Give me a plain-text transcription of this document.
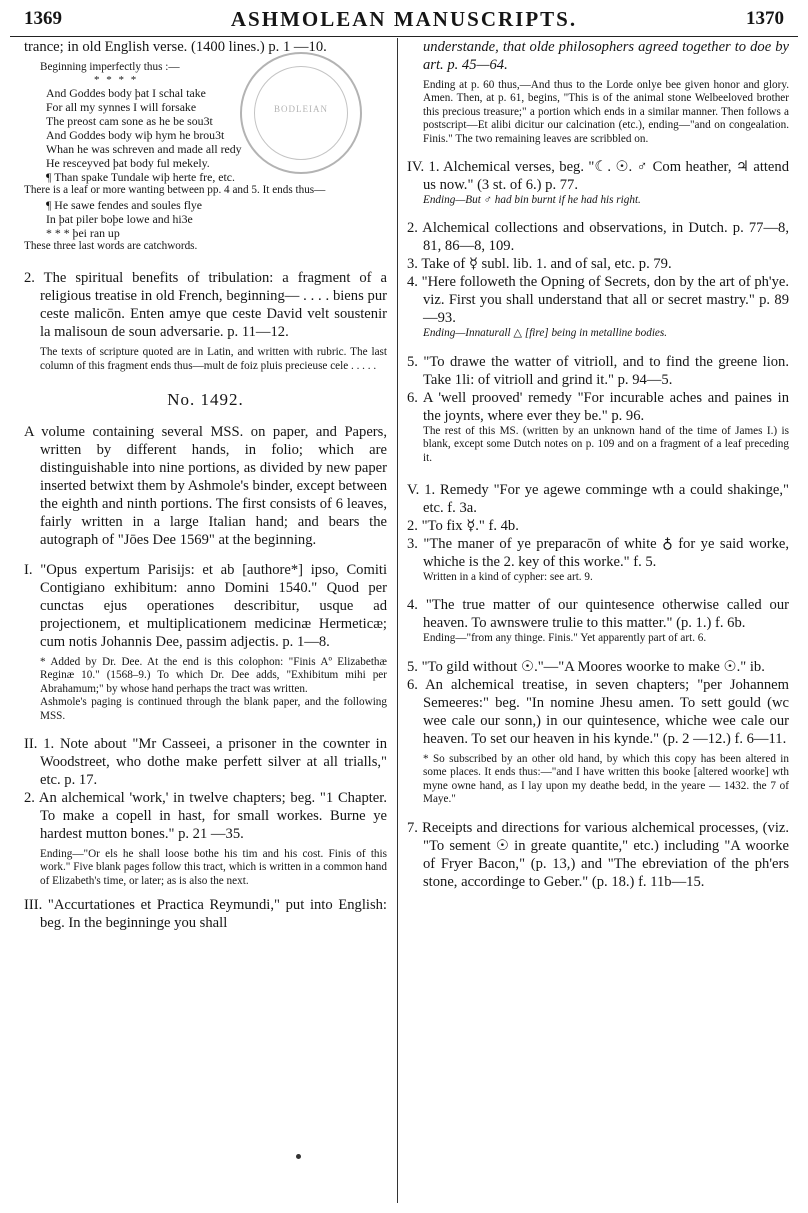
1369	ASHMOLEAN MANUSCRIPTS.	1370
BODLEIAN

trance; in old English verse. (1400 lines.) p. 1 —10.

Beginning imperfectly thus :—

* * * *
And Goddes body þat I schal take
For all my synnes I will forsake
The preost cam sone as he be sou3t
And Goddes body wiþ hym he brou3t
Whan he was schreven and made all redy
He resceyved þat body ful mekely.
¶ Than spake Tundale wiþ herte fre, etc.

There is a leaf or more wanting between pp. 4 and 5. It ends thus—

¶ He sawe fendes and soules flye
In þat piler boþe lowe and hi3e
* * * þei ran up

These three last words are catchwords.

2. The spiritual benefits of tribulation: a fragment of a religious treatise in old French, beginning— . . . . biens pur ceste malicōn. Enten amye que ceste David velt soustenir la malisoun de soun adversarie. p. 11—12.

The texts of scripture quoted are in Latin, and written with rubric. The last column of this fragment ends thus—mult de foiz pluis precieuse cele . . . . .

No. 1492.

A volume containing several MSS. on paper, and Papers, written by different hands, in folio; which are distinguishable into nine portions, as divided by new paper inserted betwixt them by Ashmole's binder, except between the eighth and ninth portions. The first consists of 6 leaves, fairly written in a large Italian hand; and bears the autograph of "Jōes Dee 1569" at the beginning.

I. "Opus expertum Parisijs: et ab [authore*] ipso, Comiti Contigiano exhibitum: anno Domini 1540." Quod per cunctas ejus operationes describitur, usque ad projectionem, et multiplicationem medicinæ Hermeticæ; cum notis Johannis Dee, passim adjectis. p. 1—8.

* Added by Dr. Dee. At the end is this colophon: "Finis Aº Elizabethæ Reginæ 10." (1568–9.) To which Dr. Dee adds, "Exhibitum mihi per Abrahamum;" by whose hand perhaps the tract was written.

Ashmole's paging is continued through the blank paper, and the following MSS.

II. 1. Note about "Mr Casseei, a prisoner in the cownter in Woodstreet, who dothe make perfett silver at all trialls," etc. p. 17.

2. An alchemical 'work,' in twelve chapters; beg. "1 Chapter. To make a copell in hast, for small workes. Burne ye hardest mutton bones." p. 21 —35.

Ending—"Or els he shall loose bothe his tim and his cost. Finis of this work." Five blank pages follow this tract, which is written in a common hand of Elizabeth's time, or later; as is also the next.

III. "Accurtationes et Practica Reymundi," put into English: beg. In the beginninge you shall

understande, that olde philosophers agreed together to doe by art. p. 45—64.

Ending at p. 60 thus,—And thus to the Lorde onlye bee given honor and glory. Amen. Then, at p. 61, begins, "This is of the animal stone Welbeeloved brother this precious treasure;" a portion which ends in a similar manner. Then follows a postscript—Et alibi dicitur our calcination (etc.), ending—"and on congealation. Finis." The two remaining leaves are scribbled on.

IV. 1. Alchemical verses, beg. "☾. ☉. ♂ Com heather, ♃ attend us now." (3 st. of 6.) p. 77.

Ending—But ♂ had bin burnt if he had his right.

2. Alchemical collections and observations, in Dutch. p. 77—8, 81, 86—8, 109.

3. Take of ☿ subl. lib. 1. and of sal, etc. p. 79.

4. "Here followeth the Opning of Secrets, don by the art of ph'ye. viz. First you shall understand that all or secret mastry." p. 89—93.

Ending—Innaturall △ [fire] being in metalline bodies.

5. "To drawe the watter of vitrioll, and to find the greene lion. Take 1li: of vitrioll and grind it." p. 94—5.

6. A 'well prooved' remedy "For incurable aches and paines in the joynts, where ever they be." p. 96.

The rest of this MS. (written by an unknown hand of the time of James I.) is blank, except some Dutch notes on p. 109 and on a fragment of a leaf preceding it.

V. 1. Remedy "For ye agewe comminge wth a could shakinge," etc. f. 3a.

2. "To fix ☿." f. 4b.

3. "The maner of ye preparacōn of white ♁ for ye said worke, whiche is the 2. key of this worke." f. 5.

Written in a kind of cypher: see art. 9.

4. "The true matter of our quintesence otherwise called our heaven. To awnswere trulie to this matter." (p. 1.) f. 6b.

Ending—"from any thinge. Finis." Yet apparently part of art. 6.

5. "To gild without ☉."—"A Moores woorke to make ☉." ib.

6. An alchemical treatise, in seven chapters; "per Johannem Semeeres:" beg. "In nomine Jhesu amen. To sett gould (wc wee cale our sonn,) in our quintesence, whiche wee cale our heaven. To set our heaven in his kynde." (p. 2 —12.) f. 6—11.

* So subscribed by an other old hand, by which this copy has been altered in some places. It ends thus:—"and I have written this booke [altered woorke] wth myne owne hand, as I lay upon my deathe bedd, in the yeare — 1432. the 7 of Maye."

7. Receipts and directions for various alchemical processes, (viz. "To sement ☉ in greate quantite," etc.) including "A woorke of Fryer Bacon," (p. 13,) and "The ebreviation of the ph'ers stone, accordinge to Geber." (p. 18.) f. 11b—15.
